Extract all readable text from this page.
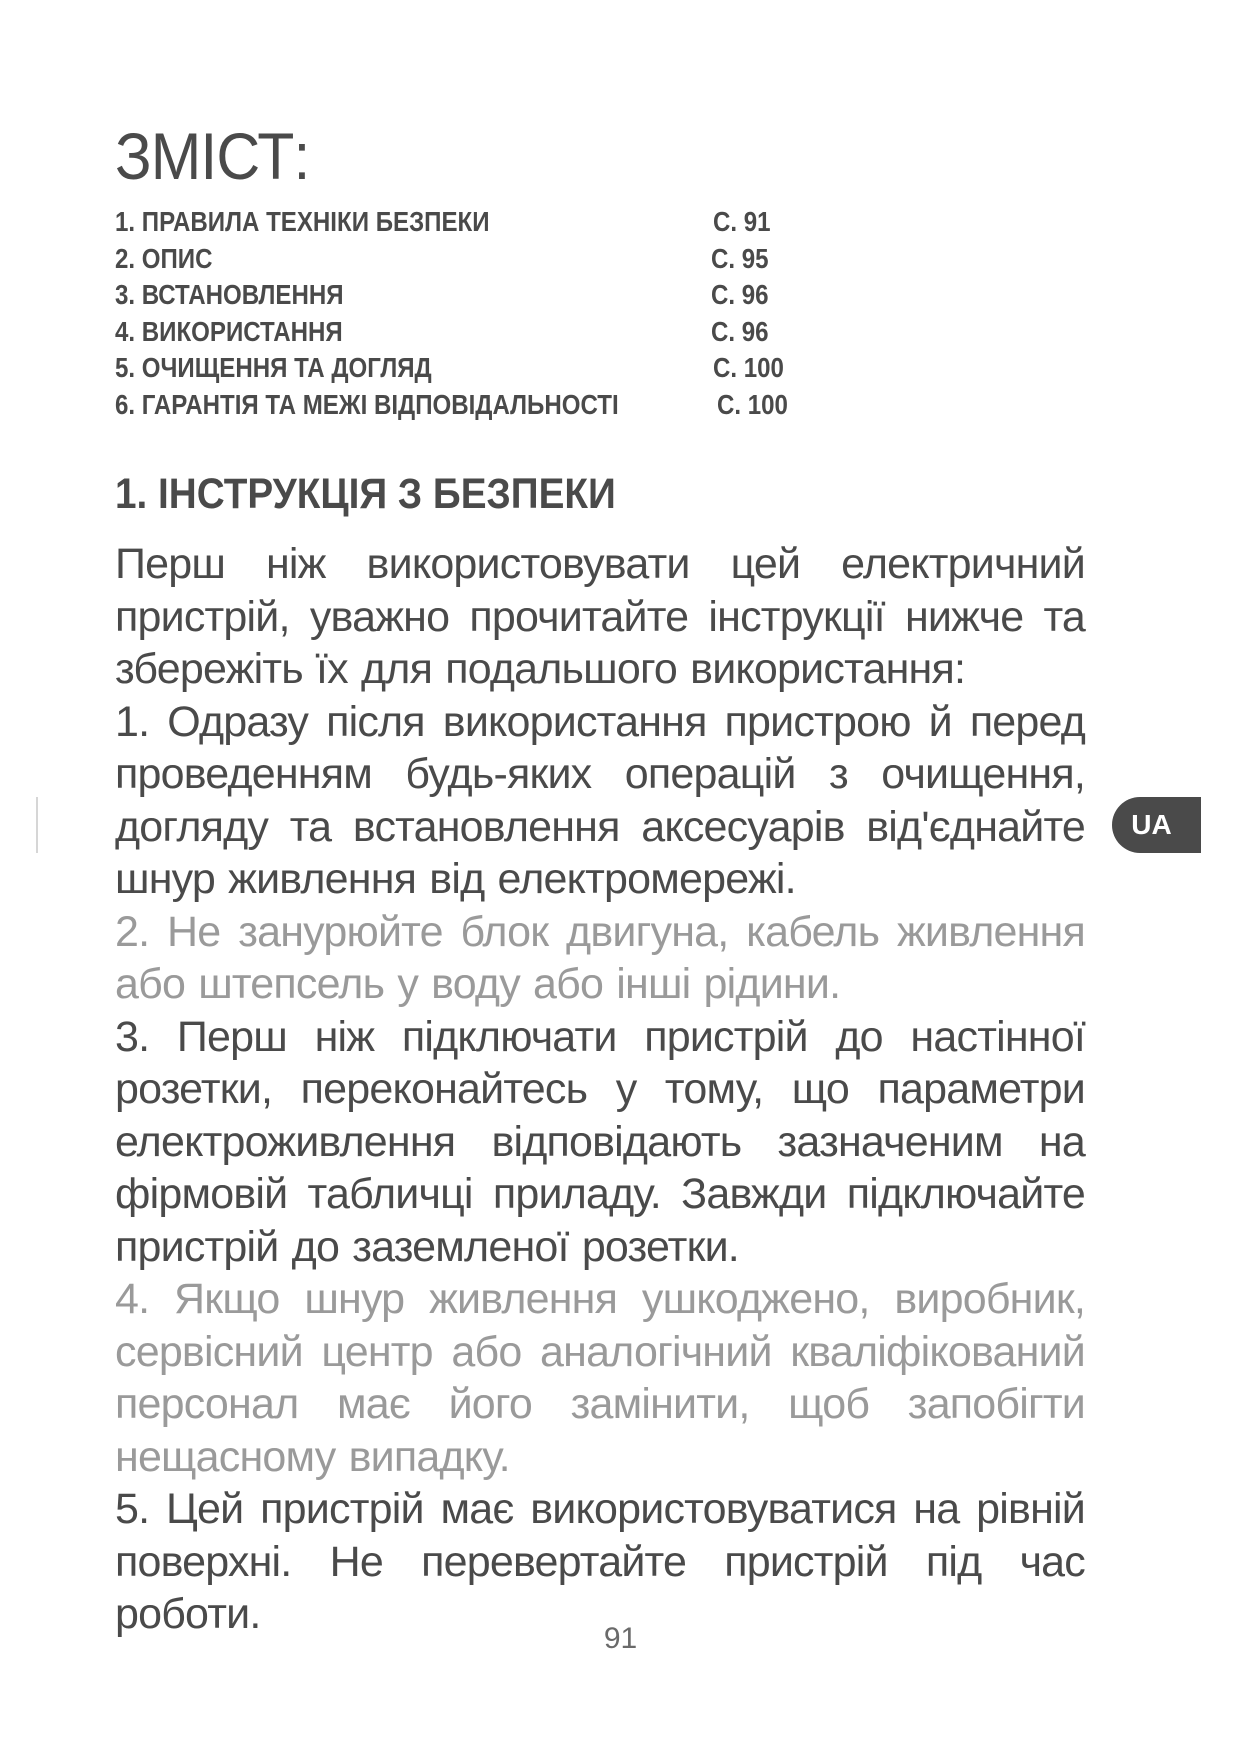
ЗМІСТ:
1. ПРАВИЛА ТЕХНІКИ БЕЗПЕКИ	С. 91
2. ОПИС	С. 95
3. ВСТАНОВЛЕННЯ	С. 96
4. ВИКОРИСТАННЯ	С. 96
5. ОЧИЩЕННЯ ТА ДОГЛЯД	С. 100
6. ГАРАНТІЯ ТА МЕЖІ ВІДПОВІДАЛЬНОСТІ	С. 100
1. ІНСТРУКЦІЯ З БЕЗПЕКИ

Перш ніж використовувати цей електричний пристрій, уважно прочитайте інструкції нижче та збережіть їх для подальшого використання:

1. Одразу після використання пристрою й перед проведенням будь-яких операцій з очищення, догляду та встановлення аксесуарів від'єднайте шнур живлення від електромережі.

2. Не занурюйте блок двигуна, кабель живлення або штепсель у воду або інші рідини.

3. Перш ніж підключати пристрій до настінної розетки, переконайтесь у тому, що параметри електроживлення відповідають зазначеним на фірмовій табличці приладу. Завжди підключайте пристрій до заземленої розетки.

4. Якщо шнур живлення ушкоджено, виробник, сервісний центр або аналогічний кваліфікований персонал має його замінити, щоб запобігти нещасному випадку.

5. Цей пристрій має використовуватися на рівній поверхні. Не перевертайте пристрій під час роботи.

UA
91
